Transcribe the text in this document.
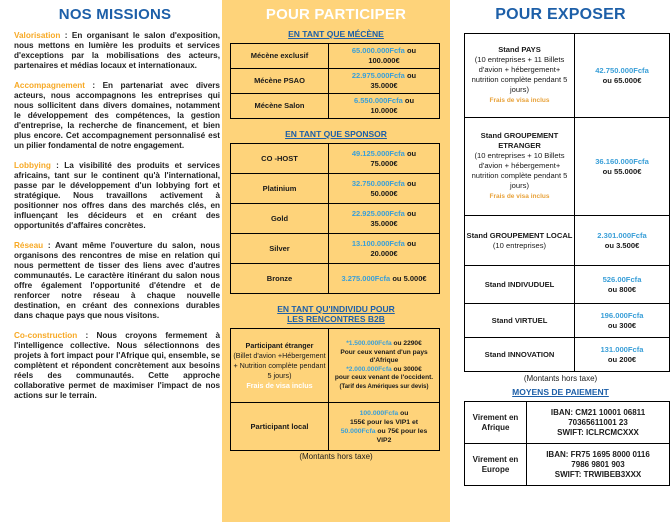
NOS MISSIONS

Valorisation : En organisant le salon d'exposition, nous mettons en lumière les produits et services d'exceptions par la mobilisations des acteurs, partenaires et médias locaux et internationaux.

Accompagnement : En partenariat avec divers acteurs, nous accompagnons les entreprises qui nous sollicitent dans divers domaines, notamment le développement des compétences, la gestion d'entreprise, la recherche de financement, et bien plus encore. Cet accompagnement personnalisé est un pilier fondamental de notre engagement.

Lobbying : La visibilité des produits et services africains, tant sur le continent qu'à l'international, passe par le développement d'un lobbying fort et stratégique. Nous travaillons activement à positionner nos offres dans des marchés clés, en influençant les décideurs et en créant des opportunités d'affaires concrètes.

Réseau : Avant même l'ouverture du salon, nous organisons des rencontres de mise en relation qui nous permettent de tisser des liens avec d'autres communautés. Le caractère itinérant du salon nous offre également l'opportunité d'étendre et de renforcer notre réseau à chaque nouvelle destination, en créant des connexions durables dans chaque pays que nous visitons.

Co-construction : Nous croyons fermement à l'intelligence collective. Nous sélectionnons des projets à fort impact pour l'Afrique qui, ensemble, se complètent et répondent concrètement aux besoins réels des communautés. Cette approche collaborative permet de maximiser l'impact de nos actions sur le terrain.

POUR PARTICIPER
EN TANT QUE MÉCÈNE
Mécène exclusif	65.000.000Fcfa ou
100.000€
Mécène PSAO	22.975.000Fcfa ou
35.000€
Mécène Salon	6.550.000Fcfa ou
10.000€
EN TANT QUE SPONSOR
CO -HOST	49.125.000Fcfa ou
75.000€
Platinium	32.750.000Fcfa ou
50.000€
Gold	22.925.000Fcfa ou
35.000€
Silver	13.100.000Fcfa ou
20.000€
Bronze	3.275.000Fcfa ou 5.000€
EN TANT QU'INDIVIDU POUR
LES RENCONTRES B2B
Participant étranger
(Billet d'avion +Hébergement + Nutrition complète pendant 5 jours)
Frais de visa inclus	*1.500.000Fcfa ou 2290€
Pour ceux venant d'un pays d'Afrique
*2.000.000Fcfa ou 3000€
pour ceux venant de l'occident.
(Tarif des Amériques sur devis)
Participant local	100.000Fcfa ou
155€ pour les VIP1 et
50.000Fcfa ou 75€ pour les
VIP2
(Montants hors taxe)
POUR EXPOSER
Stand PAYS
(10 entreprises + 11 Billets d'avion + hébergement+ nutrition complète pendant 5 jours)
Frais de visa inclus	42.750.000Fcfa
ou 65.000€
Stand GROUPEMENT ETRANGER
(10 entreprises + 10 Billets d'avion + hébergement+ nutrition complète pendant 5 jours)
Frais de visa inclus	36.160.000Fcfa
ou 55.000€
Stand GROUPEMENT LOCAL
(10 entreprises)	2.301.000Fcfa
ou 3.500€
Stand INDIVUDUEL	526.00Fcfa
ou 800€
Stand VIRTUEL	196.000Fcfa
ou 300€
Stand INNOVATION	131.000Fcfa
ou 200€
(Montants hors taxe)
MOYENS DE PAIEMENT
Virement en Afrique	IBAN: CM21 10001 06811
70365611001 23
SWIFT: ICLRCMCXXX
Virement en Europe	IBAN: FR75 1695 8000 0116
7986 9801 903
SWIFT: TRWIBEB3XXX
